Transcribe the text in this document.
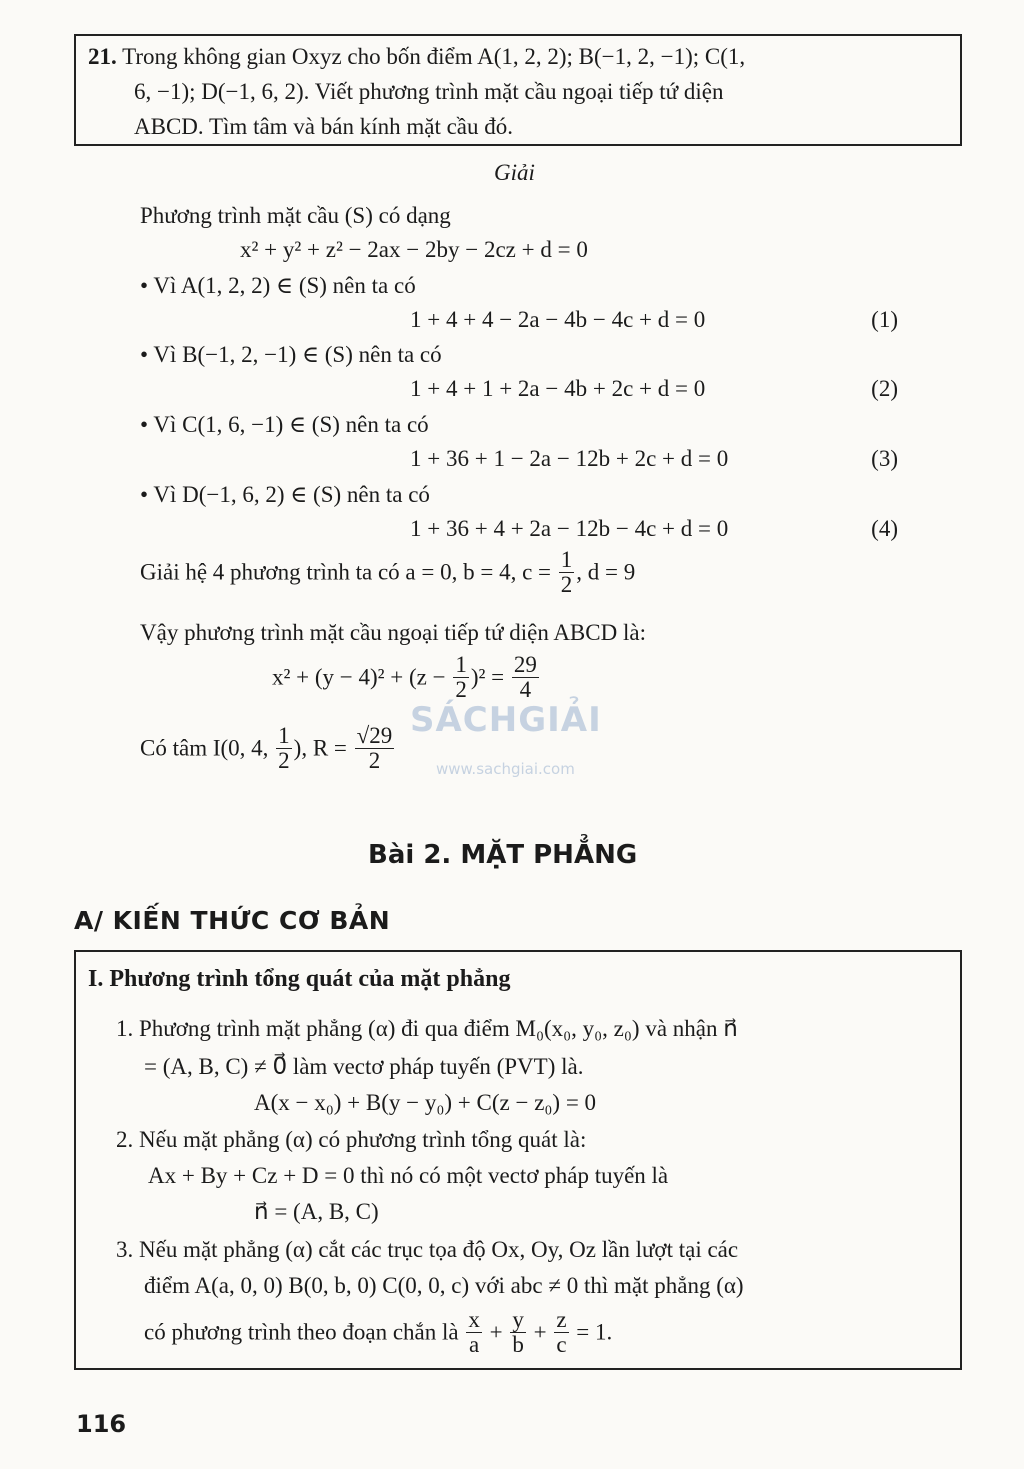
21. Trong không gian Oxyz cho bốn điểm A(1, 2, 2); B(−1, 2, −1); C(1,
6, −1); D(−1, 6, 2). Viết phương trình mặt cầu ngoại tiếp tứ diện
ABCD. Tìm tâm và bán kính mặt cầu đó.
Giải
Phương trình mặt cầu (S) có dạng
x² + y² + z² − 2ax − 2by − 2cz + d = 0
• Vì A(1, 2, 2) ∈ (S) nên ta có
1 + 4 + 4 − 2a − 4b − 4c + d = 0	(1)
• Vì B(−1, 2, −1) ∈ (S) nên ta có
1 + 4 + 1 + 2a − 4b + 2c + d = 0	(2)
• Vì C(1, 6, −1) ∈ (S) nên ta có
1 + 36 + 1 − 2a − 12b + 2c + d = 0	(3)
• Vì D(−1, 6, 2) ∈ (S) nên ta có
1 + 36 + 4 + 2a − 12b − 4c + d = 0	(4)
Giải hệ 4 phương trình ta có a = 0, b = 4, $c = \frac{1}{2}$ , d = 9
Vậy phương trình mặt cầu ngoại tiếp tứ diện ABCD là:
$x^2 + (y - 4)^2 + (z - \frac{1}{2} )^2 = \frac{29}{4}$
Có tâm I(0, 4, $\frac{1}{2}$ ), $R = \frac{√29}{2}$
SÁCHGIẢI
www.sachgiai.com
Bài 2. MẶT PHẲNG
A/ KIẾN THỨC CƠ BẢN
I. Phương trình tổng quát của mặt phẳng
1. Phương trình mặt phẳng (α) đi qua điểm M₀(x₀, y₀, z₀) và nhận n⃗
= (A, B, C) ≠ 0⃗ làm vectơ pháp tuyến (PVT) là.
A(x − x₀) + B(y − y₀) + C(z − z₀) = 0
2. Nếu mặt phẳng (α) có phương trình tổng quát là:
Ax + By + Cz + D = 0 thì nó có một vectơ pháp tuyến là
n⃗ = (A, B, C)
3. Nếu mặt phẳng (α) cắt các trục tọa độ Ox, Oy, Oz lần lượt tại các
điểm A(a, 0, 0) B(0, b, 0) C(0, 0, c) với abc ≠ 0 thì mặt phẳng (α)
có phương trình theo đoạn chắn là $\frac{x}{a} + \frac{y}{b} + \frac{z}{c} = 1$.
116
